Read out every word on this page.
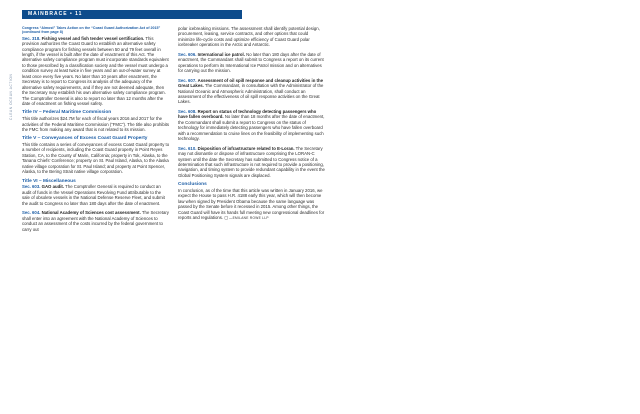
MAINBRACE • 11
CLEAN OCEAN ACTION
Congress “Almost” Takes Action on the “Coast Guard Authorization Act of 2015” (continued from page 8)

Sec. 318. Fishing vessel and fish tender vessel certification. This provision authorizes the Coast Guard to establish an alternative safety compliance program for fishing vessels between 50 and 79 feet overall in length, if the vessel is built after the date of enactment of this Act. The alternative safety compliance program must incorporate standards equivalent to those prescribed by a classification society and the vessel must undergo a condition survey at least twice in five years and an out-of-water survey at least once every five years. No later than 10 years after enactment, the Secretary is to report to Congress its analysis of the adequacy of the alternative safety requirements, and if they are not deemed adequate, then the Secretary may establish his own alternative safety compliance program. The Comptroller General is also to report no later than 12 months after the date of enactment on fishing vessel safety.

Title IV – Federal Maritime Commission

This title authorizes $24.7M for each of fiscal years 2016 and 2017 for the activities of the Federal Maritime Commission (“FMC”). The title also prohibits the FMC from making any award that is not related to its mission.

Title V – Conveyances of Excess Coast Guard Property

This title contains a series of conveyances of excess Coast Guard property to a number of recipients, including the Coast Guard property in Point Reyes Station, CA, to the County of Marin, California; property in Tok, Alaska, to the Tanana Chiefs’ Conference; property on St. Paul Island, Alaska, to the Alaska native village corporation for St. Paul Island; and property at Point Spencer, Alaska, to the Bering Strait native village corporation.

Title VI – Miscellaneous

Sec. 603. GAO audit. The Comptroller General is required to conduct an audit of funds in the Vessel Operations Revolving Fund attributable to the sale of obsolete vessels in the National Defense Reserve Fleet, and submit the audit to Congress no later than 180 days after the date of enactment.

Sec. 604. National Academy of Sciences cost assessment. The Secretary shall enter into an agreement with the National Academy of Sciences to conduct an assessment of the costs incurred by the federal government to carry out

polar icebreaking missions. The assessment shall identify potential design, procurement, leasing, service contracts, and other options that could minimize life-cycle costs and optimize efficiency of Coast Guard polar icebreaker operations in the Arctic and Antarctic.

Sec. 606. International ice patrol. No later than 180 days after the date of enactment, the Commandant shall submit to Congress a report on its current operations to perform its International Ice Patrol mission and on alternatives for carrying out the mission.

Sec. 607. Assessment of oil spill response and cleanup activities in the Great Lakes. The Commandant, in consultation with the Administrator of the National Oceanic and Atmospheric Administration, shall conduct an assessment of the effectiveness of oil spill response activities on the Great Lakes.

Sec. 608. Report on status of technology detecting passengers who have fallen overboard. No later than 18 months after the date of enactment, the Commandant shall submit a report to Congress on the status of technology for immediately detecting passengers who have fallen overboard with a recommendation to cruise lines on the feasibility of implementing such technology.

Sec. 610. Disposition of infrastructure related to E-Loran. The Secretary may not dismantle or dispose of infrastructure comprising the LORAN-C system until the date the Secretary has submitted to Congress notice of a determination that such infrastructure is not required to provide a positioning, navigation, and timing system to provide redundant capability in the event the Global Positioning System signals are displaced.

Conclusions

In conclusion, as of the time that this article was written in January 2016, we expect the House to pass H.R. 4188 early this year, which will then become law when signed by President Obama because the same language was passed by the Senate before it recessed in 2015. Among other things, the Coast Guard will have its hands full meeting new congressional deadlines for reports and regulations. ◻ —EMILANE ROWE LLP
